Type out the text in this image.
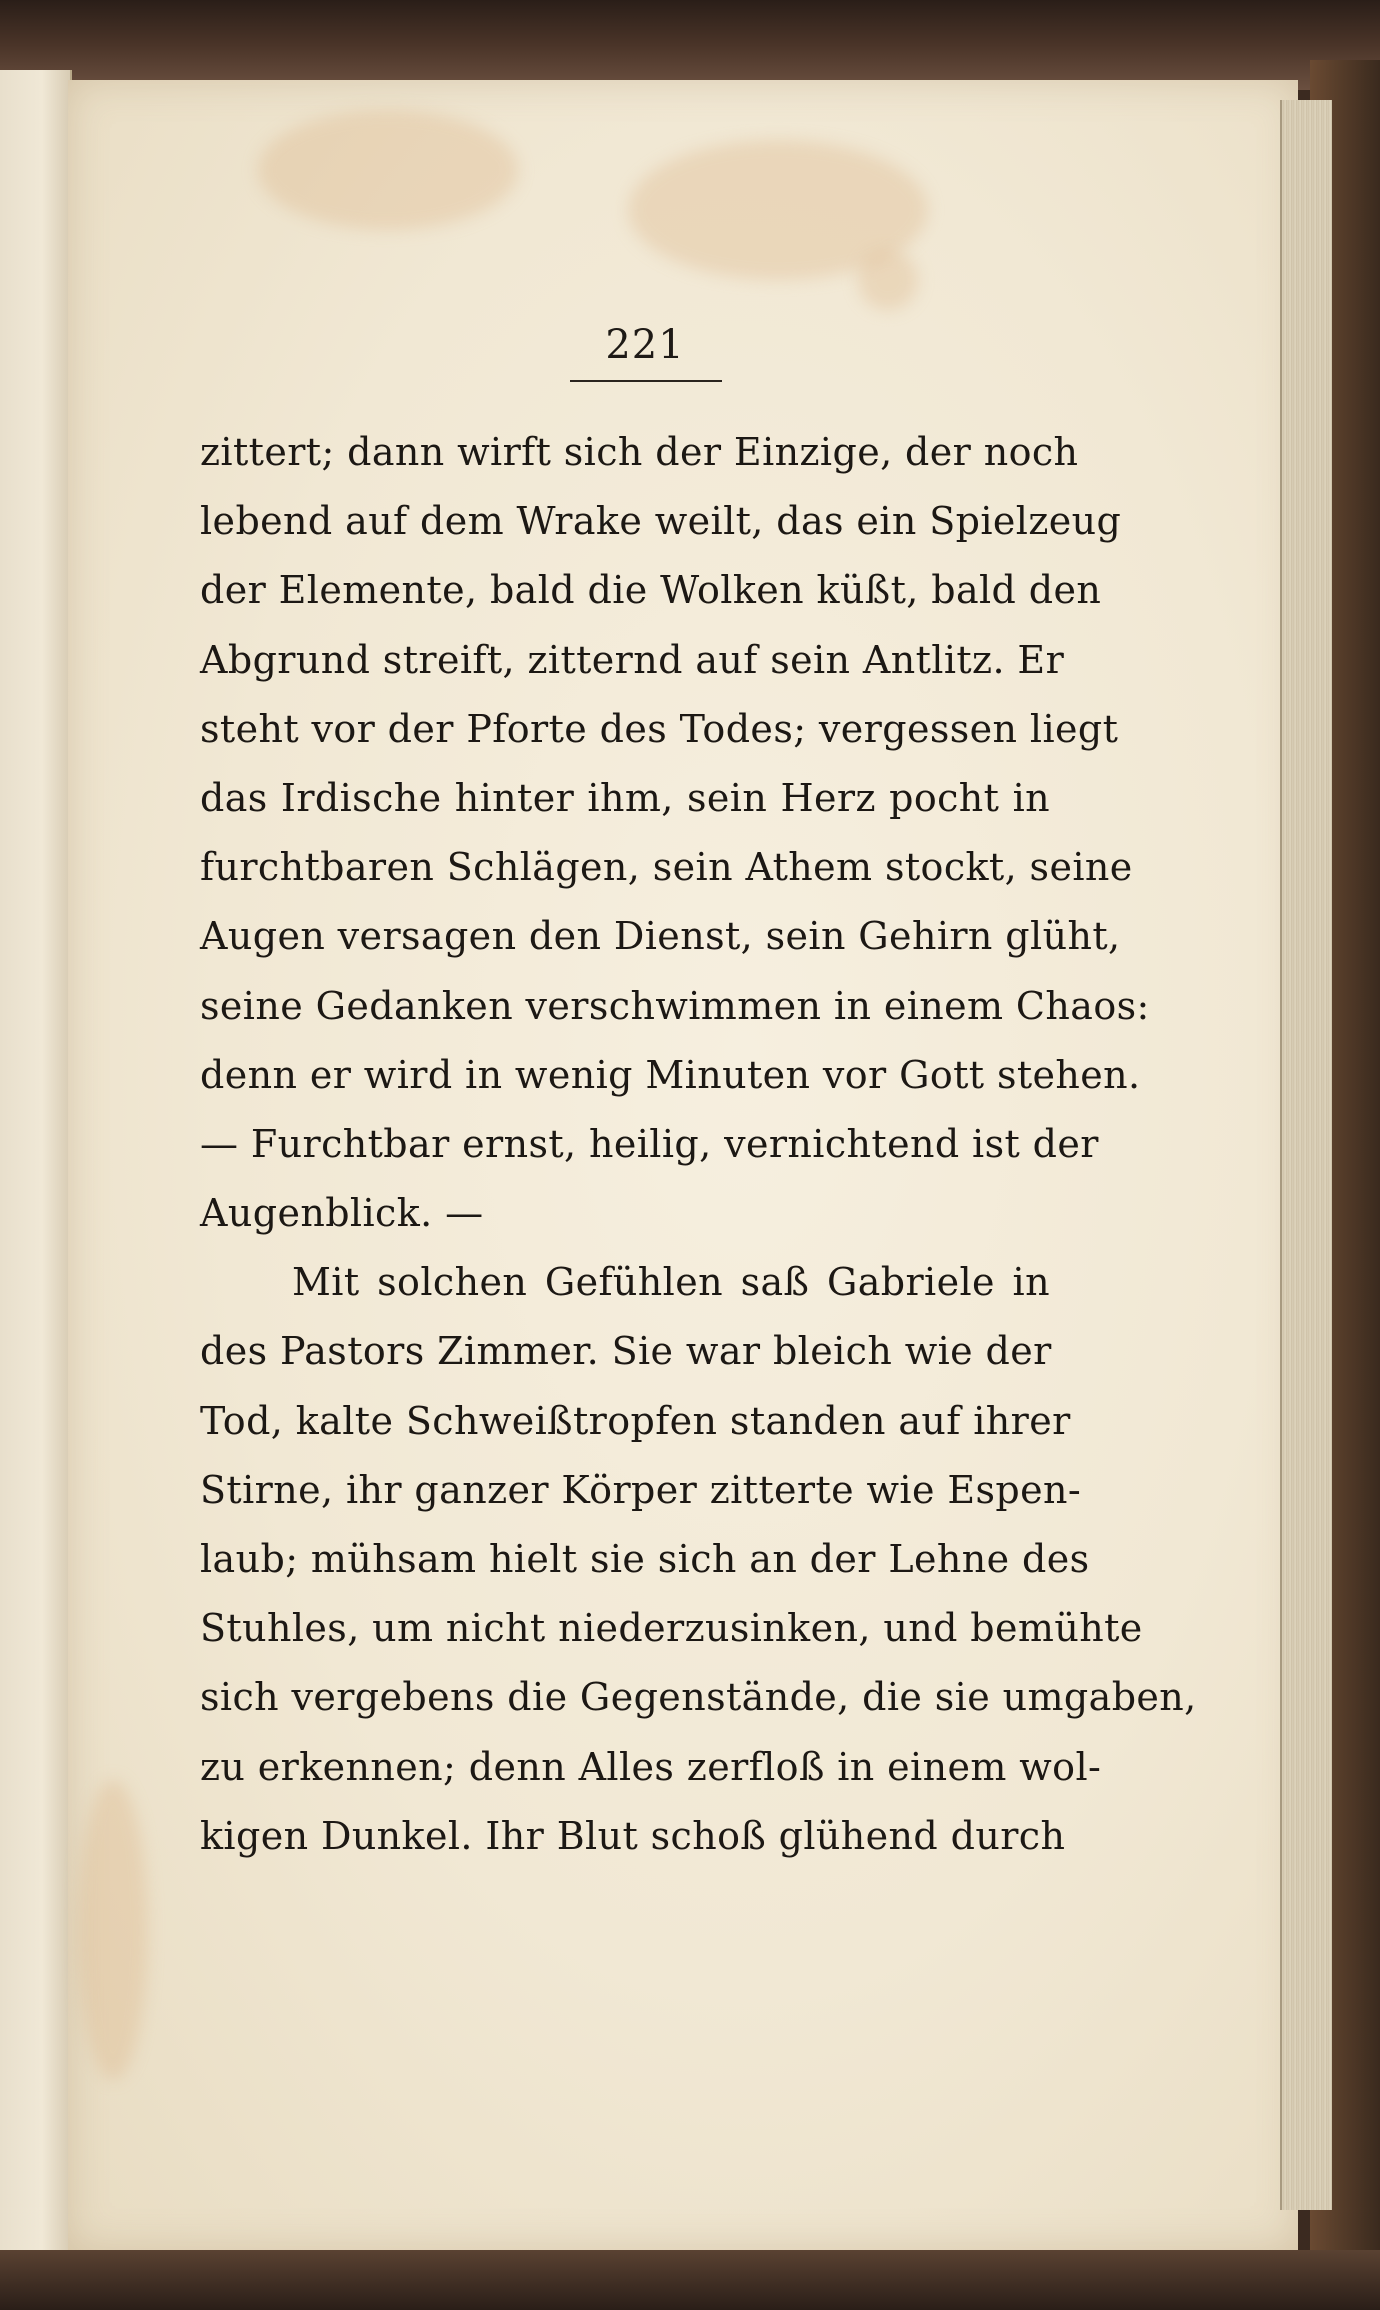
221
zittert; dann wirft sich der Einzige, der noch
lebend auf dem Wrake weilt, das ein Spielzeug
der Elemente, bald die Wolken küßt, bald den
Abgrund streift, zitternd auf sein Antlitz. Er
steht vor der Pforte des Todes; vergessen liegt
das Irdische hinter ihm, sein Herz pocht in
furchtbaren Schlägen, sein Athem stockt, seine
Augen versagen den Dienst, sein Gehirn glüht,
seine Gedanken verschwimmen in einem Chaos:
denn er wird in wenig Minuten vor Gott stehen.
— Furchtbar ernst, heilig, vernichtend ist der
Augenblick. —
Mit solchen Gefühlen saß Gabriele in
des Pastors Zimmer. Sie war bleich wie der
Tod, kalte Schweißtropfen standen auf ihrer
Stirne, ihr ganzer Körper zitterte wie Espen-
laub; mühsam hielt sie sich an der Lehne des
Stuhles, um nicht niederzusinken, und bemühte
sich vergebens die Gegenstände, die sie umgaben,
zu erkennen; denn Alles zerfloß in einem wol-
kigen Dunkel. Ihr Blut schoß glühend durch
